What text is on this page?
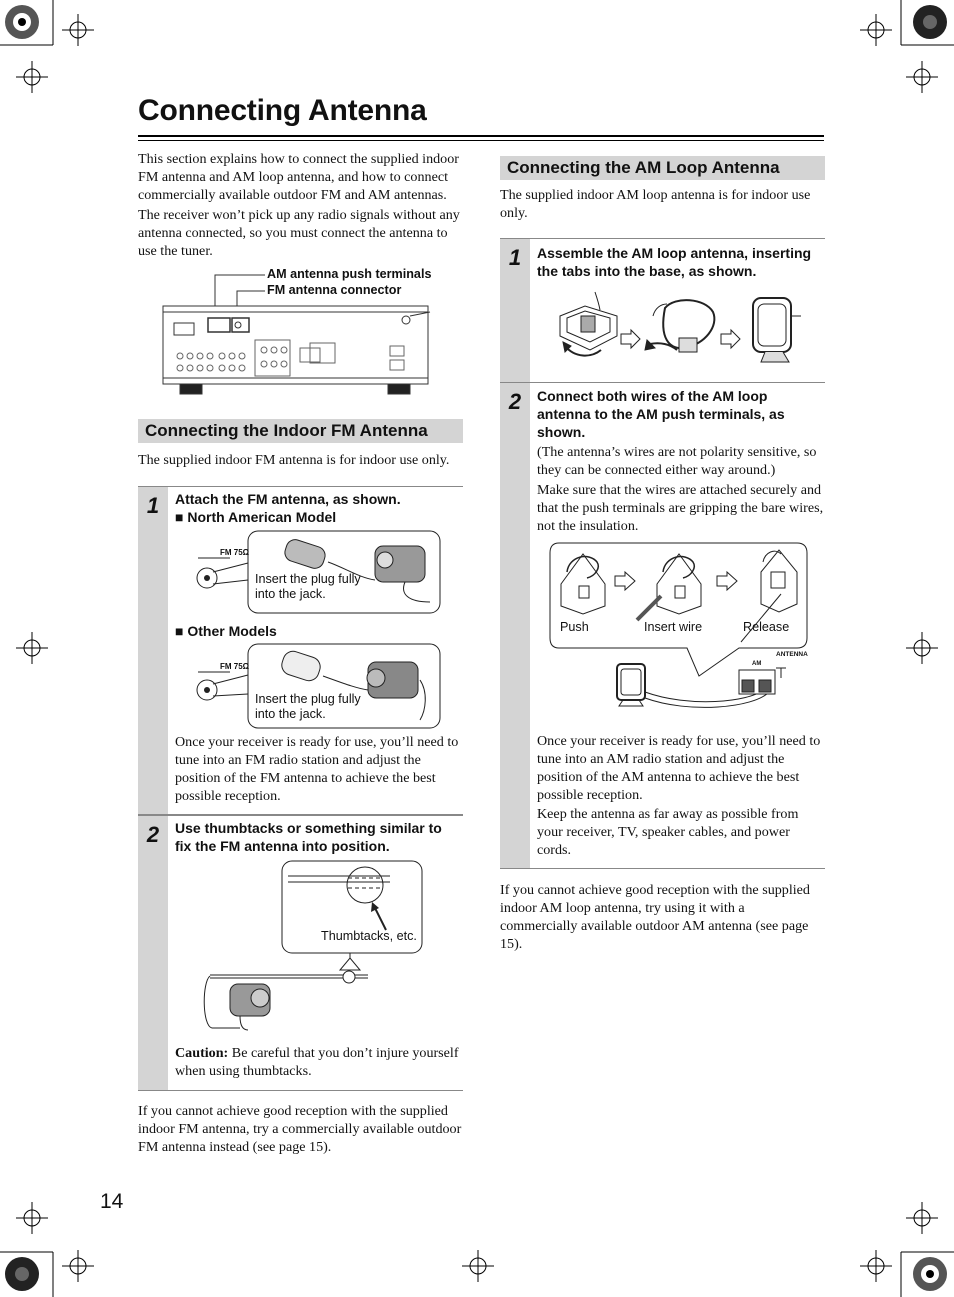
Connecting Antenna
This section explains how to connect the supplied indoor FM antenna and AM loop antenna, and how to connect commercially available outdoor FM and AM antennas.
The receiver won’t pick up any radio signals without any antenna connected, so you must connect the antenna to use the tuner.
AM antenna push terminals
FM antenna connector
Connecting the Indoor FM Antenna
The supplied indoor FM antenna is for indoor use only.
1	Attach the FM antenna, as shown.
■ North American Model
FM 75Ω
Insert the plug fully
into the jack.
■ Other Models
FM 75Ω
Insert the plug fully
into the jack.
Once your receiver is ready for use, you’ll need to tune into an FM radio station and adjust the position of the FM antenna to achieve the best possible reception.
2	Use thumbtacks or something similar to fix the FM antenna into position.
Thumbtacks, etc.
Caution: Be careful that you don’t injure yourself when using thumbtacks.
If you cannot achieve good reception with the supplied indoor FM antenna, try a commercially available outdoor FM antenna instead (see page 15).
14
Connecting the AM Loop Antenna
The supplied indoor AM loop antenna is for indoor use only.
1	Assemble the AM loop antenna, inserting the tabs into the base, as shown.
2	Connect both wires of the AM loop antenna to the AM push terminals, as shown.
(The antenna’s wires are not polarity sensitive, so they can be connected either way around.)
Make sure that the wires are attached securely and that the push terminals are gripping the bare wires, not the insulation.
Push	Insert wire	Release
ANTENNA
AM
Once your receiver is ready for use, you’ll need to tune into an AM radio station and adjust the position of the AM antenna to achieve the best possible reception.
Keep the antenna as far away as possible from your receiver, TV, speaker cables, and power cords.
If you cannot achieve good reception with the supplied indoor AM loop antenna, try using it with a commercially available outdoor AM antenna (see page 15).
